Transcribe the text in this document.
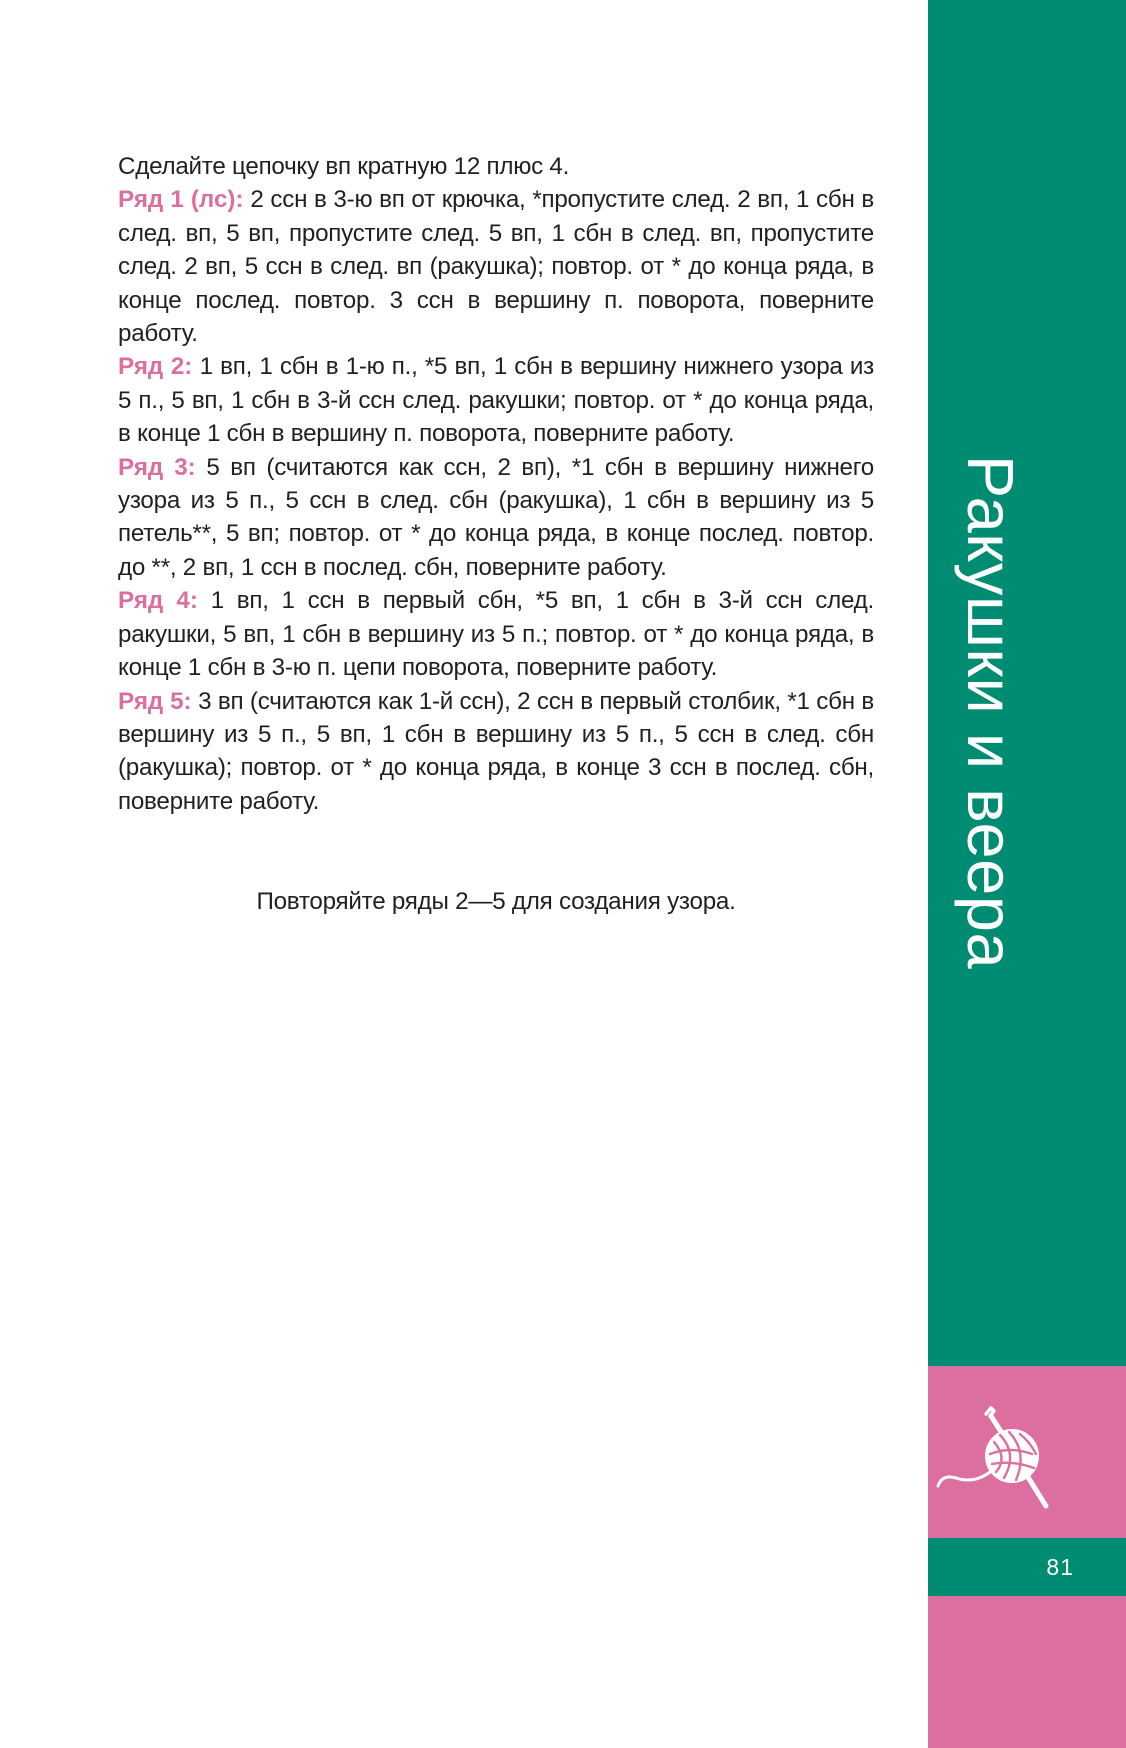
Сделайте цепочку вп кратную 12 плюс 4.

Ряд 1 (лс): 2 ссн в 3-ю вп от крючка, *пропустите след. 2 вп, 1 сбн в след. вп, 5 вп, пропустите след. 5 вп, 1 сбн в след. вп, пропустите след. 2 вп, 5 ссн в след. вп (ракушка); повтор. от * до конца ряда, в конце послед. повтор. 3 ссн в вершину п. поворота, поверните работу.

Ряд 2: 1 вп, 1 сбн в 1-ю п., *5 вп, 1 сбн в вершину нижнего узора из 5 п., 5 вп, 1 сбн в 3-й ссн след. ракушки; повтор. от * до конца ряда, в конце 1 сбн в вершину п. поворота, поверните работу.

Ряд 3: 5 вп (считаются как ссн, 2 вп), *1 сбн в вершину нижнего узора из 5 п., 5 ссн в след. сбн (ракушка), 1 сбн в вершину из 5 петель**, 5 вп; повтор. от * до конца ряда, в конце послед. повтор. до **, 2 вп, 1 ссн в послед. сбн, поверните работу.

Ряд 4: 1 вп, 1 ссн в первый сбн, *5 вп, 1 сбн в 3-й ссн след. ракушки, 5 вп, 1 сбн в вершину из 5 п.; повтор. от * до конца ряда, в конце 1 сбн в 3-ю п. цепи поворота, поверните работу.

Ряд 5: 3 вп (считаются как 1-й ссн), 2 ссн в первый столбик, *1 сбн в вершину из 5 п., 5 вп, 1 сбн в вершину из 5 п., 5 ссн в след. сбн (ракушка); повтор. от * до конца ряда, в конце 3 ссн в послед. сбн, поверните работу.

Повторяйте ряды 2—5 для создания узора.	Ракушки и веера
81
